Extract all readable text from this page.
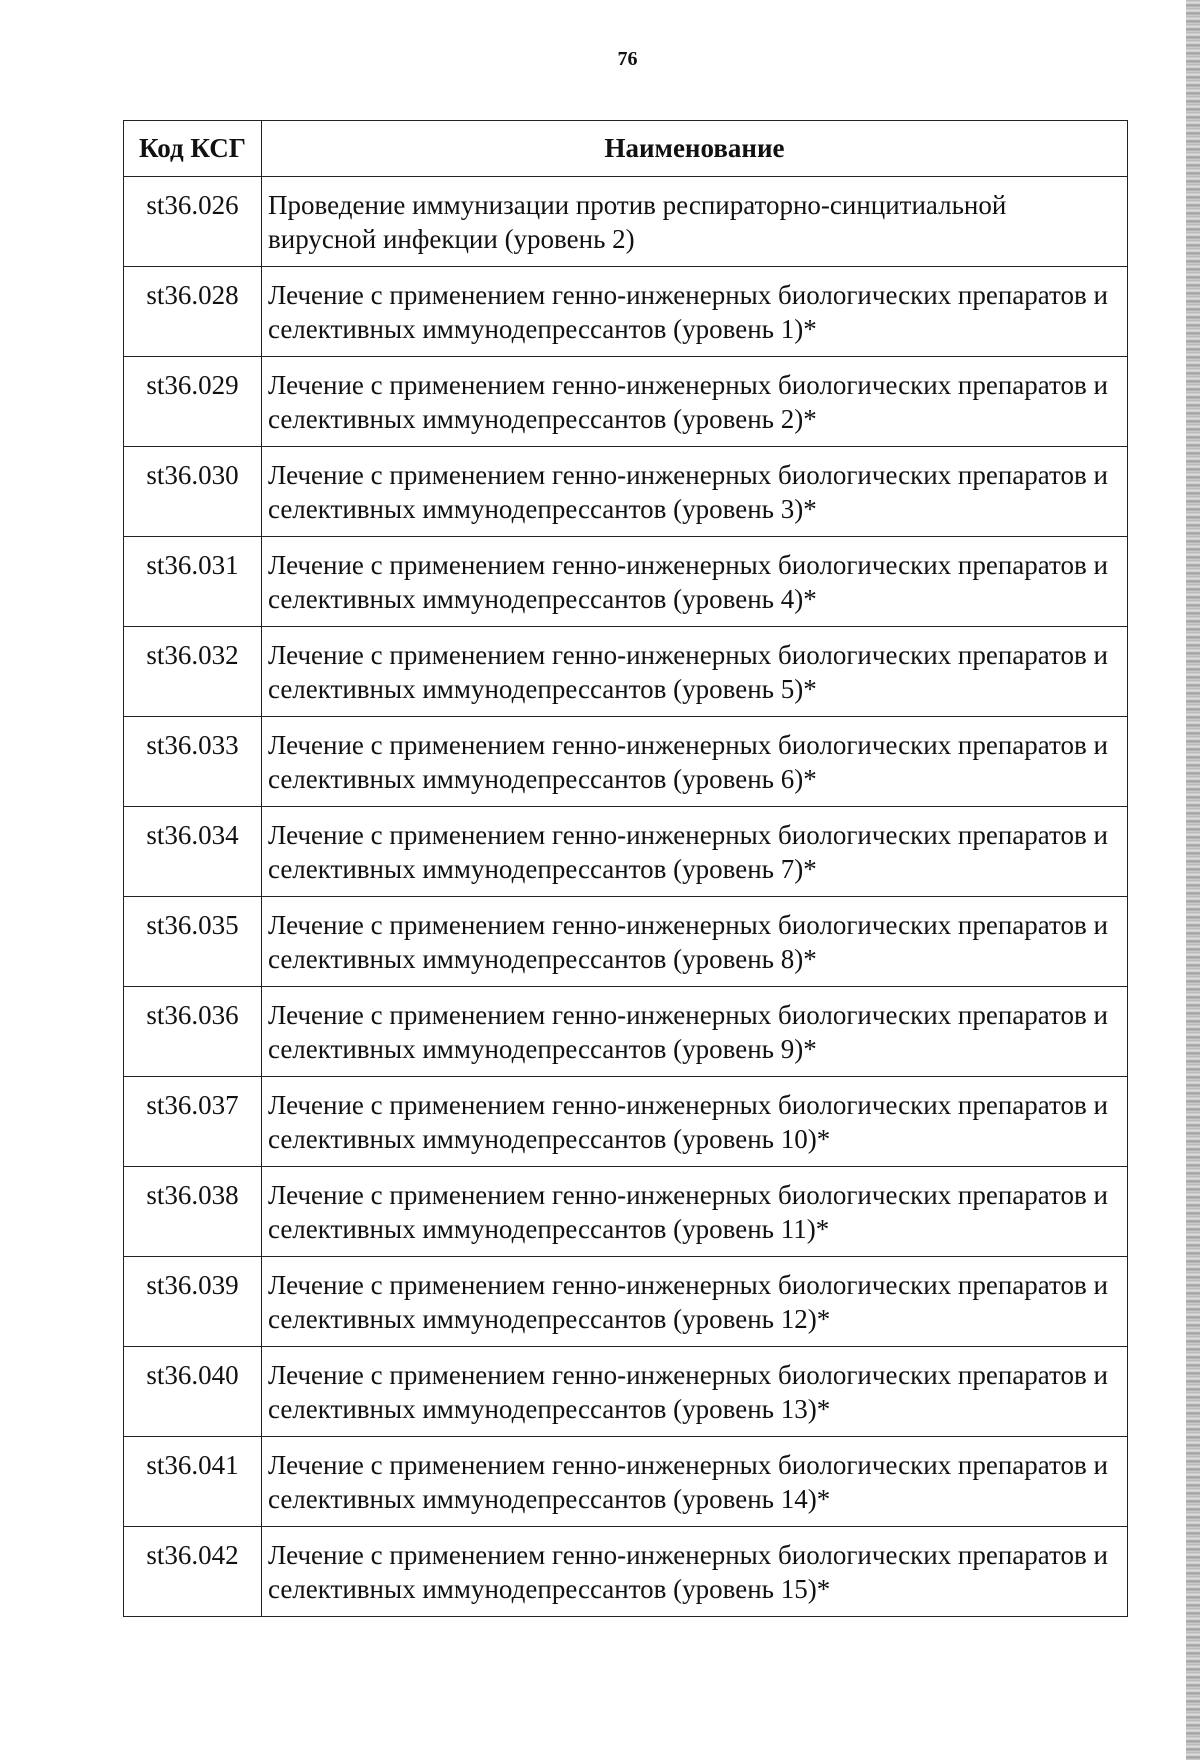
76
Код КСГ	Наименование
st36.026	Проведение иммунизации против респираторно-синцитиальной вирусной инфекции (уровень 2)
st36.028	Лечение с применением генно-инженерных биологических препаратов и селективных иммунодепрессантов (уровень 1)*
st36.029	Лечение с применением генно-инженерных биологических препаратов и селективных иммунодепрессантов (уровень 2)*
st36.030	Лечение с применением генно-инженерных биологических препаратов и селективных иммунодепрессантов (уровень 3)*
st36.031	Лечение с применением генно-инженерных биологических препаратов и селективных иммунодепрессантов (уровень 4)*
st36.032	Лечение с применением генно-инженерных биологических препаратов и селективных иммунодепрессантов (уровень 5)*
st36.033	Лечение с применением генно-инженерных биологических препаратов и селективных иммунодепрессантов (уровень 6)*
st36.034	Лечение с применением генно-инженерных биологических препаратов и селективных иммунодепрессантов (уровень 7)*
st36.035	Лечение с применением генно-инженерных биологических препаратов и селективных иммунодепрессантов (уровень 8)*
st36.036	Лечение с применением генно-инженерных биологических препаратов и селективных иммунодепрессантов (уровень 9)*
st36.037	Лечение с применением генно-инженерных биологических препаратов и селективных иммунодепрессантов (уровень 10)*
st36.038	Лечение с применением генно-инженерных биологических препаратов и селективных иммунодепрессантов (уровень 11)*
st36.039	Лечение с применением генно-инженерных биологических препаратов и селективных иммунодепрессантов (уровень 12)*
st36.040	Лечение с применением генно-инженерных биологических препаратов и селективных иммунодепрессантов (уровень 13)*
st36.041	Лечение с применением генно-инженерных биологических препаратов и селективных иммунодепрессантов (уровень 14)*
st36.042	Лечение с применением генно-инженерных биологических препаратов и селективных иммунодепрессантов (уровень 15)*
